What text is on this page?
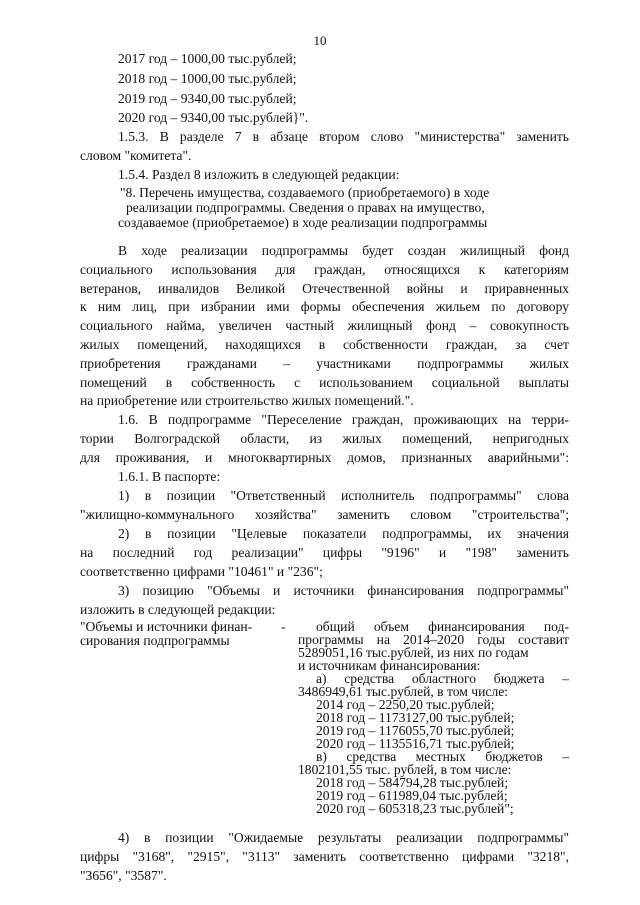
10
2017 год – 1000,00 тыс.рублей;
2018 год – 1000,00 тыс.рублей;
2019 год – 9340,00 тыс.рублей;
2020 год – 9340,00 тыс.рублей}".
1.5.3. В разделе 7 в абзаце втором слово "министерства" заменить
словом "комитета".
1.5.4. Раздел 8 изложить в следующей редакции:
"8. Перечень имущества, создаваемого (приобретаемого) в ходе
реализации подпрограммы. Сведения о правах на имущество,
создаваемое (приобретаемое) в ходе реализации подпрограммы
В ходе реализации подпрограммы будет создан жилищный фонд
социального использования для граждан, относящихся к категориям
ветеранов, инвалидов Великой Отечественной войны и приравненных
к ним лиц, при избрании ими формы обеспечения жильем по договору
социального найма, увеличен частный жилищный фонд – совокупность
жилых помещений, находящихся в собственности граждан, за счет
приобретения гражданами – участниками подпрограммы жилых
помещений в собственность с использованием социальной выплаты
на приобретение или строительство жилых помещений.".
1.6. В подпрограмме "Переселение граждан, проживающих на терри-
тории Волгоградской области, из жилых помещений, непригодных
для проживания, и многоквартирных домов, признанных аварийными":
1.6.1. В паспорте:
1) в позиции "Ответственный исполнитель подпрограммы" слова
"жилищно-коммунального хозяйства" заменить словом "строительства";
2) в позиции "Целевые показатели подпрограммы, их значения
на последний год реализации" цифры "9196" и "198" заменить
соответственно цифрами "10461" и "236";
3) позицию "Объемы и источники финансирования подпрограммы"
изложить в следующей редакции:
"Объемы и источники финан-
сирования подпрограммы
- общий объем финансирования под-
программы на 2014–2020 годы составит
5289051,16 тыс.рублей, из них по годам
и источникам финансирования:
а) средства областного бюджета –
3486949,61 тыс.рублей, в том числе:
2014 год – 2250,20 тыс.рублей;
2018 год – 1173127,00 тыс.рублей;
2019 год – 1176055,70 тыс.рублей;
2020 год – 1135516,71 тыс.рублей;
в) средства местных бюджетов –
1802101,55 тыс. рублей, в том числе:
2018 год – 584794,28 тыс.рублей;
2019 год – 611989,04 тыс.рублей;
2020 год – 605318,23 тыс.рублей";
4) в позиции "Ожидаемые результаты реализации подпрограммы"
цифры "3168", "2915", "3113" заменить соответственно цифрами "3218",
"3656", "3587".
